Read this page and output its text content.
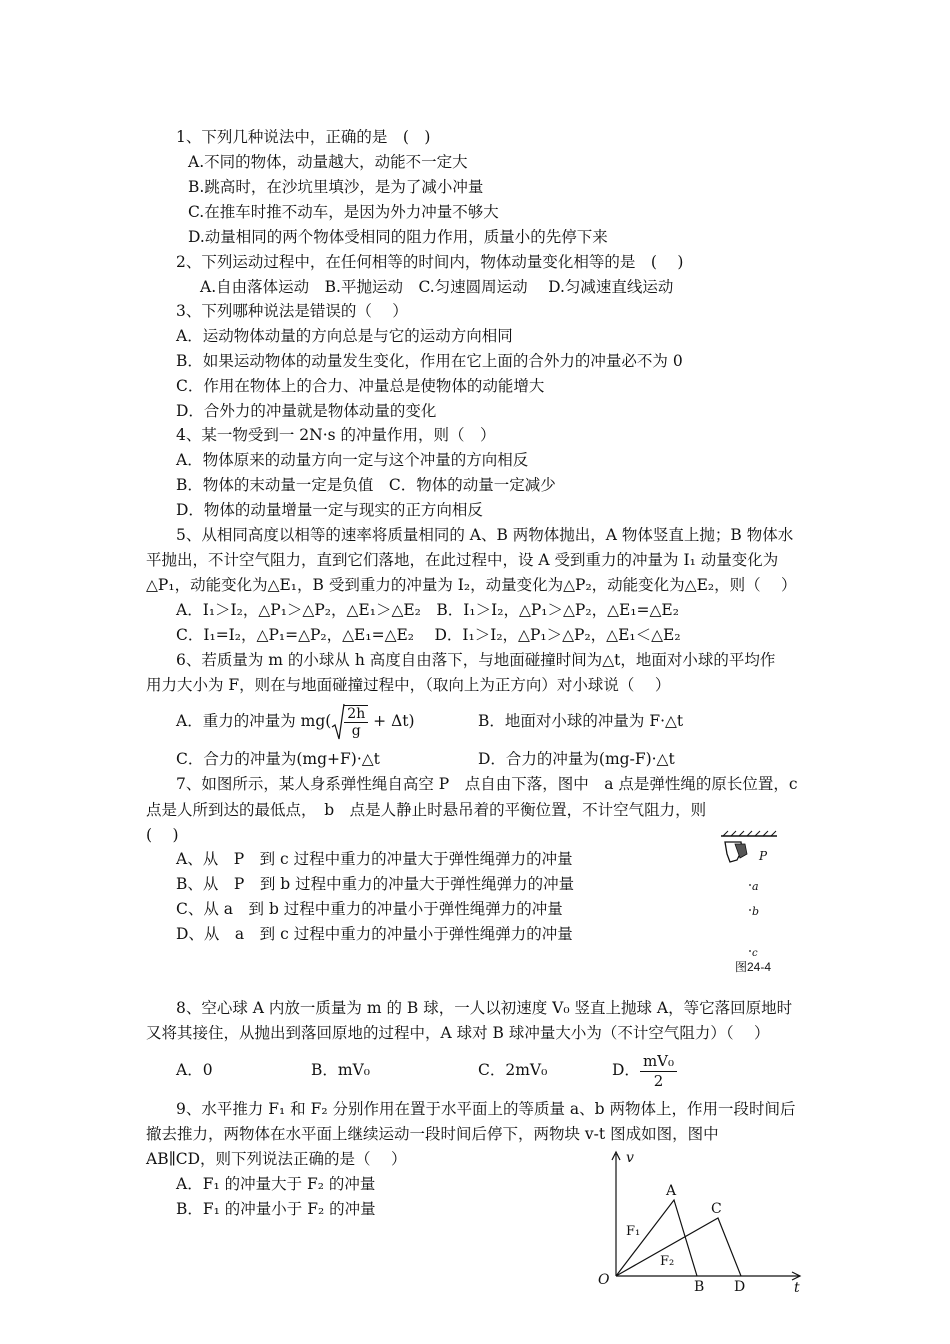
1、下列几种说法中，正确的是　(　)
A.不同的物体，动量越大，动能不一定大
B.跳高时，在沙坑里填沙，是为了减小冲量
C.在推车时推不动车，是因为外力冲量不够大
D.动量相同的两个物体受相同的阻力作用，质量小的先停下来
2、下列运动过程中，在任何相等的时间内，物体动量变化相等的是　(　 )
A.自由落体运动　B.平抛运动　C.匀速圆周运动　 D.匀减速直线运动
3、下列哪种说法是错误的（　 ）
A．运动物体动量的方向总是与它的运动方向相同
B．如果运动物体的动量发生变化，作用在它上面的合外力的冲量必不为 0
C．作用在物体上的合力、冲量总是使物体的动能增大
D．合外力的冲量就是物体动量的变化
4、某一物受到一 2N·s 的冲量作用，则（　）
A．物体原来的动量方向一定与这个冲量的方向相反
B．物体的末动量一定是负值　C．物体的动量一定减少
D．物体的动量增量一定与现实的正方向相反
5、从相同高度以相等的速率将质量相同的 A、B 两物体抛出，A 物体竖直上抛；B 物体水
平抛出，不计空气阻力，直到它们落地，在此过程中，设 A 受到重力的冲量为 I₁ 动量变化为
△P₁，动能变化为△E₁，B 受到重力的冲量为 I₂，动量变化为△P₂，动能变化为△E₂，则（　 ）
A．I₁＞I₂，△P₁＞△P₂，△E₁＞△E₂　B．I₁＞I₂，△P₁＞△P₂，△E₁=△E₂
C．I₁=I₂，△P₁=△P₂，△E₁=△E₂　 D．I₁＞I₂，△P₁＞△P₂，△E₁＜△E₂
6、若质量为 m 的小球从 h 高度自由落下，与地面碰撞时间为△t，地面对小球的平均作
用力大小为 F，则在与地面碰撞过程中，（取向上为正方向）对小球说（　 ）
A．重力的冲量为 $mg( \frac{2h}{g} + \Delta t)$	B．地面对小球的冲量为 F·△t
C．合力的冲量为(mg+F)·△t	D．合力的冲量为(mg-F)·△t
7、如图所示，某人身系弹性绳自高空 P　点自由下落，图中　a 点是弹性绳的原长位置，c
点是人所到达的最低点，　b　点是人静止时悬吊着的平衡位置，不计空气阻力，则
(　 )
A、从　P　到 c 过程中重力的冲量大于弹性绳弹力的冲量
B、从　P　到 b 过程中重力的冲量大于弹性绳弹力的冲量
C、从 a　到 b 过程中重力的冲量小于弹性绳弹力的冲量
D、从　a　到 c 过程中重力的冲量小于弹性绳弹力的冲量
P
a
b
c
图24-4
8、空心球 A 内放一质量为 m 的 B 球，一人以初速度 V₀ 竖直上抛球 A，等它落回原地时
又将其接住，从抛出到落回原地的过程中，A 球对 B 球冲量大小为（不计空气阻力）（　 ）
A．0	B．mV₀	C．2mV₀	D． $\frac{\text{mV₀}}{2}$
9、水平推力 F₁ 和 F₂ 分别作用在置于水平面上的等质量 a、b 两物体上，作用一段时间后
撤去推力，两物体在水平面上继续运动一段时间后停下，两物块 v-t 图成如图，图中
AB∥CD，则下列说法正确的是（　 ）
A．F₁ 的冲量大于 F₂ 的冲量
B．F₁ 的冲量小于 F₂ 的冲量
v
t
O
A
B
C
D
F₁
F₂
